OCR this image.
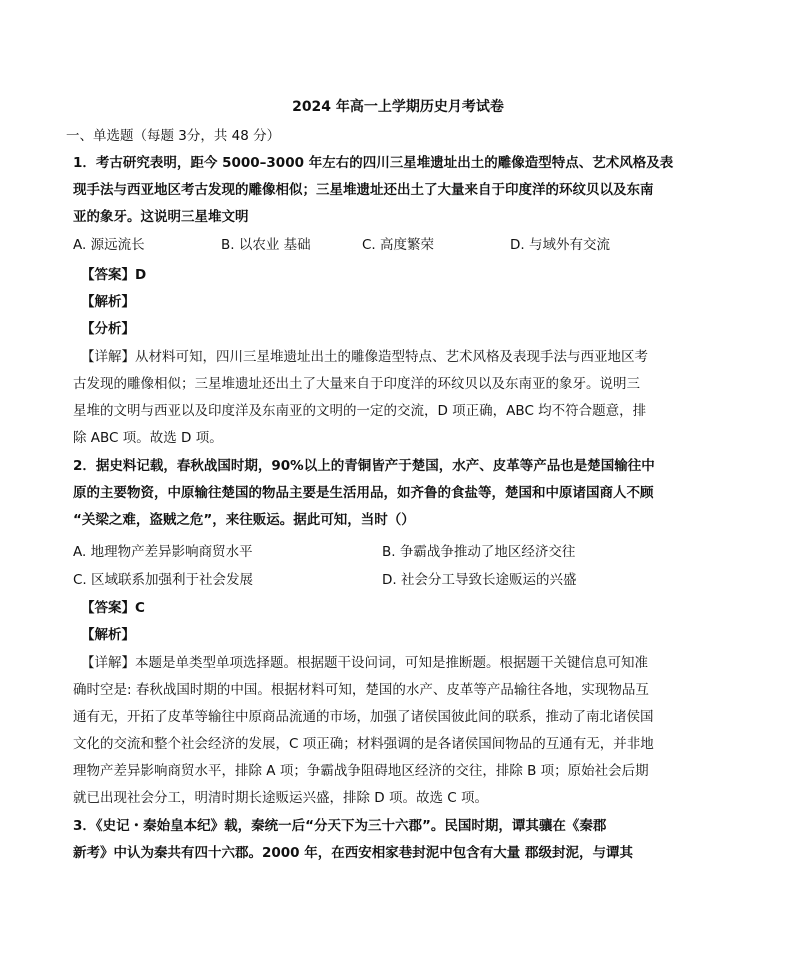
2024 年高一上学期历史月考试卷
一、单选题（每题 3分，共 48 分）
1．考古研究表明，距今 5000–3000 年左右的四川三星堆遗址出土的雕像造型特点、艺术风格及表
现手法与西亚地区考古发现的雕像相似；三星堆遗址还出土了大量来自于印度洋的环纹贝以及东南
亚的象牙。这说明三星堆文明
A. 源远流长	B. 以农业 基础	C. 高度繁荣	D. 与域外有交流
【答案】D
【解析】
【分析】
【详解】从材料可知，四川三星堆遗址出土的雕像造型特点、艺术风格及表现手法与西亚地区考
古发现的雕像相似；三星堆遗址还出土了大量来自于印度洋的环纹贝以及东南亚的象牙。说明三
星堆的文明与西亚以及印度洋及东南亚的文明的一定的交流，D 项正确，ABC 均不符合题意，排
除 ABC 项。故选 D 项。
2．据史料记载，春秋战国时期，90%以上的青铜皆产于楚国，水产、皮革等产品也是楚国输往中
原的主要物资，中原输往楚国的物品主要是生活用品，如齐鲁的食盐等，楚国和中原诸国商人不顾
“关梁之难，盗贼之危”，来往贩运。据此可知，当时（）
A. 地理物产差异影响商贸水平	B. 争霸战争推动了地区经济交往
C. 区域联系加强利于社会发展	D. 社会分工导致长途贩运的兴盛
【答案】C
【解析】
【详解】本题是单类型单项选择题。根据题干设问词，可知是推断题。根据题干关键信息可知准
确时空是: 春秋战国时期的中国。根据材料可知，楚国的水产、皮革等产品输往各地，实现物品互
通有无，开拓了皮革等输往中原商品流通的市场，加强了诸侯国彼此间的联系，推动了南北诸侯国
文化的交流和整个社会经济的发展，C 项正确；材料强调的是各诸侯国间物品的互通有无，并非地
理物产差异影响商贸水平，排除 A 项；争霸战争阻碍地区经济的交往，排除 B 项；原始社会后期
就已出现社会分工，明清时期长途贩运兴盛，排除 D 项。故选 C 项。
3．《史记・秦始皇本纪》载，秦统一后“分天下为三十六郡”。民国时期，谭其骧在《秦郡
新考》中认为秦共有四十六郡。2000 年，在西安相家巷封泥中包含有大量 郡级封泥，与谭其
